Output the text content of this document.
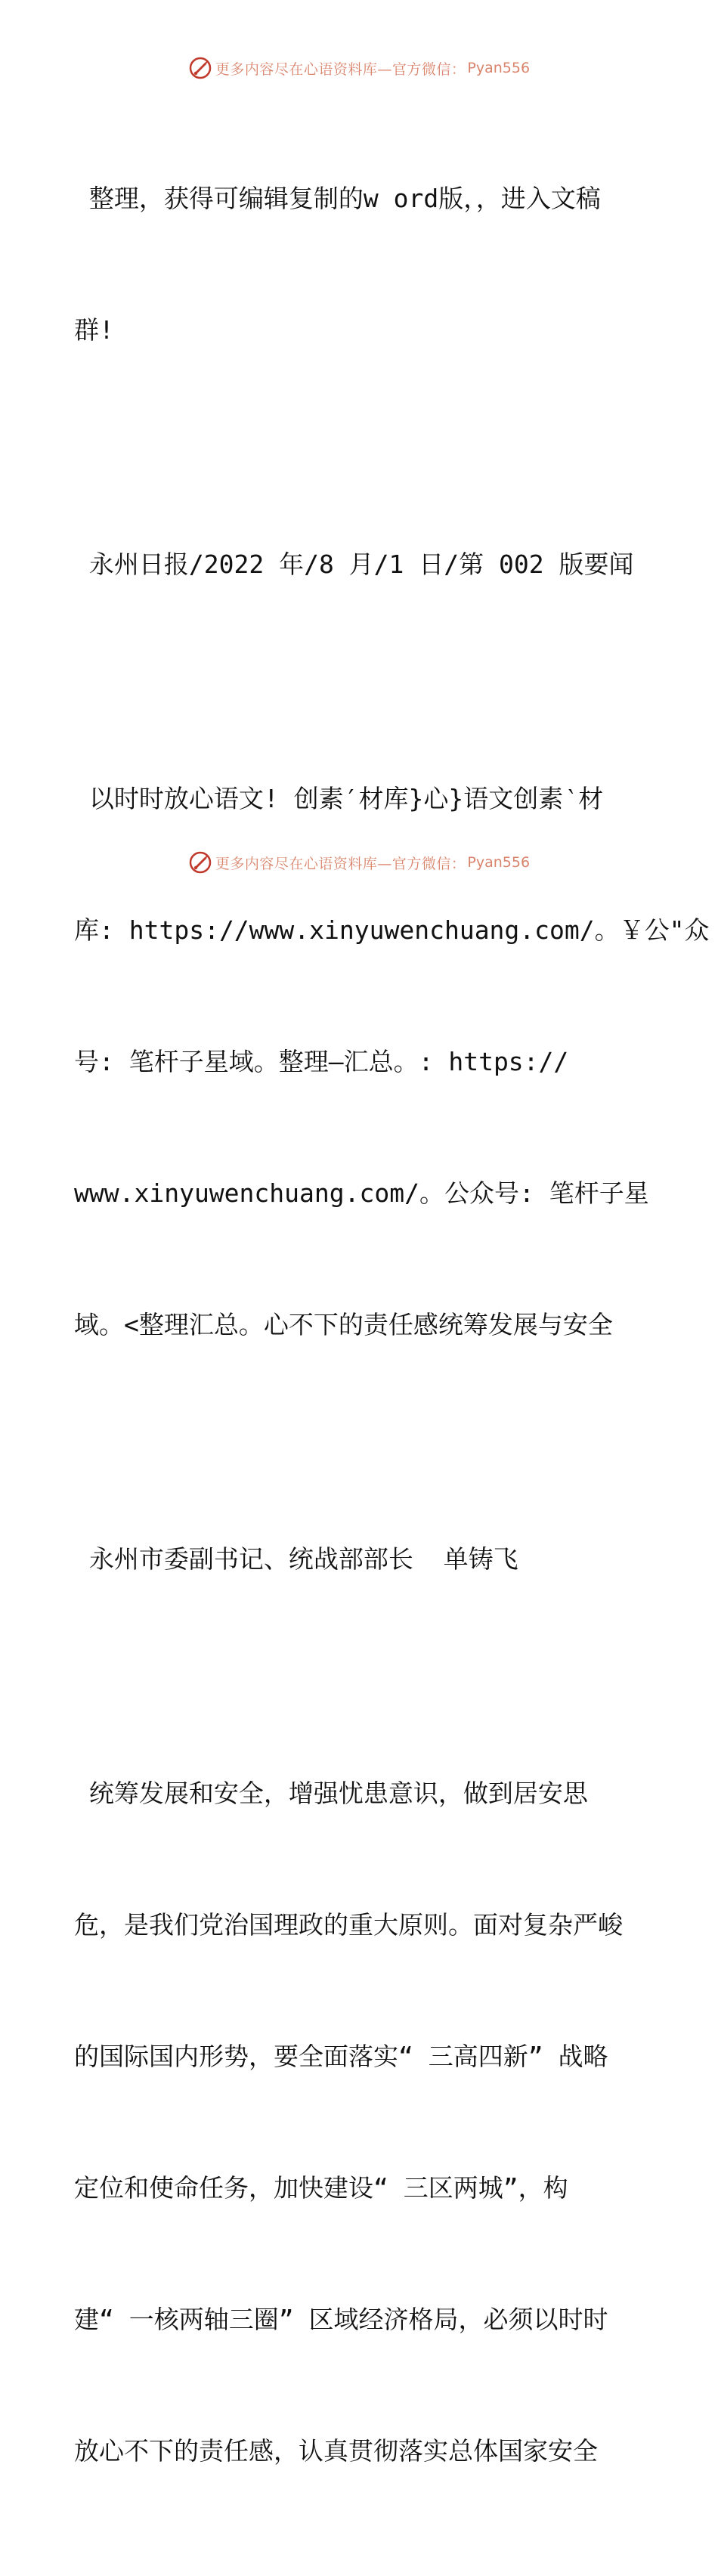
更多内容尽在心语资料库—官方微信： Pyan556

整理，获得可编辑复制的w ord版，，进入文稿

群!

永州日报/2022 年/8 月/1 日/第 002 版要闻

以时时放心语文! 创素′材库}心}语文创素‵材

库: https://www.xinyuwenchuang.com/。￥公"众

号: 笔杆子星域。整理—汇总。: https://

www.xinyuwenchuang.com/。公众号: 笔杆子星

域。<整理汇总。心不下的责任感统筹发展与安全

永州市委副书记、统战部部长  单铸飞

统筹发展和安全，增强忧患意识，做到居安思

危，是我们党治国理政的重大原则。面对复杂严峻

的国际国内形势，要全面落实“ 三高四新” 战略

定位和使命任务，加快建设“ 三区两城”，构

建“ 一核两轴三圈” 区域经济格局，必须以时时

放心不下的责任感，认真贯彻落实总体国家安全

更多内容尽在心语资料库—官方微信： Pyan556
